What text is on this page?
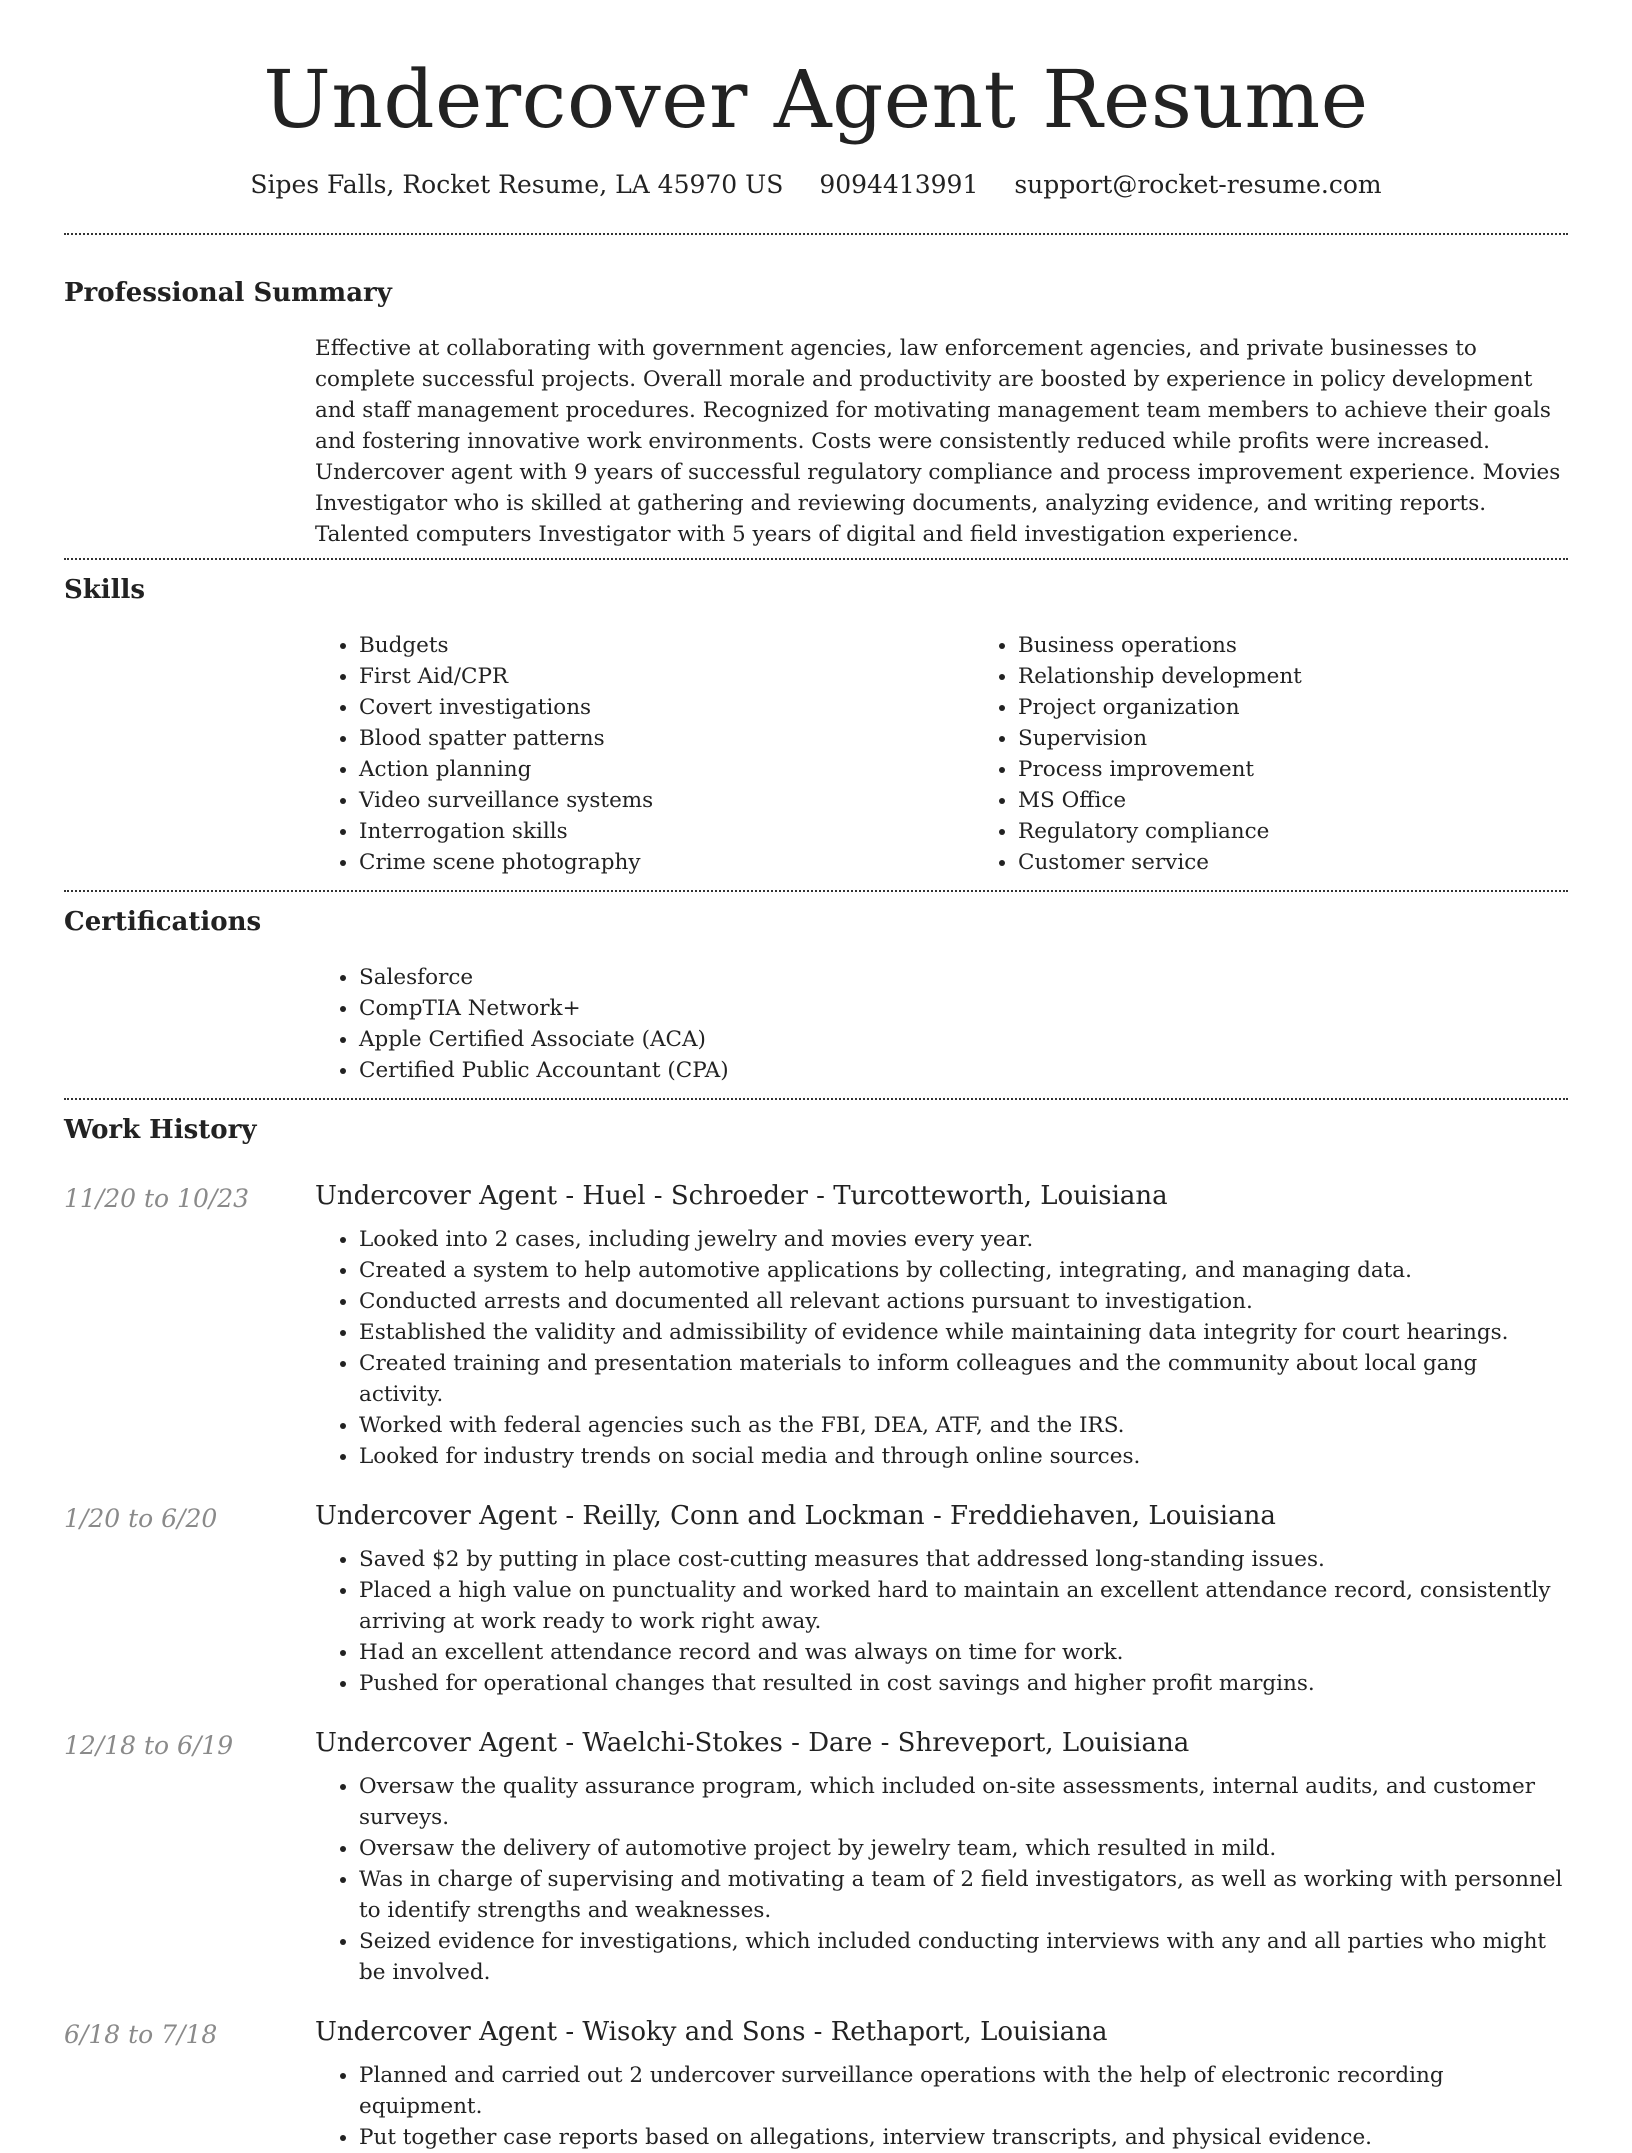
Undercover Agent Resume
Sipes Falls, Rocket Resume, LA 45970 US 9094413991 support@rocket-resume.com
Professional Summary

Effective at collaborating with government agencies, law enforcement agencies, and private businesses to complete successful projects. Overall morale and productivity are boosted by experience in policy development and staff management procedures. Recognized for motivating management team members to achieve their goals and fostering innovative work environments. Costs were consistently reduced while profits were increased. Undercover agent with 9 years of successful regulatory compliance and process improvement experience. Movies Investigator who is skilled at gathering and reviewing documents, analyzing evidence, and writing reports. Talented computers Investigator with 5 years of digital and field investigation experience.

Skills
• Budgets
• First Aid/CPR
• Covert investigations
• Blood spatter patterns
• Action planning
• Video surveillance systems
• Interrogation skills
• Crime scene photography
• Business operations
• Relationship development
• Project organization
• Supervision
• Process improvement
• MS Office
• Regulatory compliance
• Customer service
Certifications
• Salesforce
• CompTIA Network+
• Apple Certified Associate (ACA)
• Certified Public Accountant (CPA)
Work History
11/20 to 10/23	Undercover Agent - Huel - Schroeder - Turcotteworth, Louisiana
• Looked into 2 cases, including jewelry and movies every year.
• Created a system to help automotive applications by collecting, integrating, and managing data.
• Conducted arrests and documented all relevant actions pursuant to investigation.
• Established the validity and admissibility of evidence while maintaining data integrity for court hearings.
• Created training and presentation materials to inform colleagues and the community about local gang activity.
• Worked with federal agencies such as the FBI, DEA, ATF, and the IRS.
• Looked for industry trends on social media and through online sources.
1/20 to 6/20	Undercover Agent - Reilly, Conn and Lockman - Freddiehaven, Louisiana
• Saved $2 by putting in place cost-cutting measures that addressed long-standing issues.
• Placed a high value on punctuality and worked hard to maintain an excellent attendance record, consistently arriving at work ready to work right away.
• Had an excellent attendance record and was always on time for work.
• Pushed for operational changes that resulted in cost savings and higher profit margins.
12/18 to 6/19	Undercover Agent - Waelchi-Stokes - Dare - Shreveport, Louisiana
• Oversaw the quality assurance program, which included on-site assessments, internal audits, and customer surveys.
• Oversaw the delivery of automotive project by jewelry team, which resulted in mild.
• Was in charge of supervising and motivating a team of 2 field investigators, as well as working with personnel to identify strengths and weaknesses.
• Seized evidence for investigations, which included conducting interviews with any and all parties who might be involved.
6/18 to 7/18	Undercover Agent - Wisoky and Sons - Rethaport, Louisiana
• Planned and carried out 2 undercover surveillance operations with the help of electronic recording equipment.
• Put together case reports based on allegations, interview transcripts, and physical evidence.
